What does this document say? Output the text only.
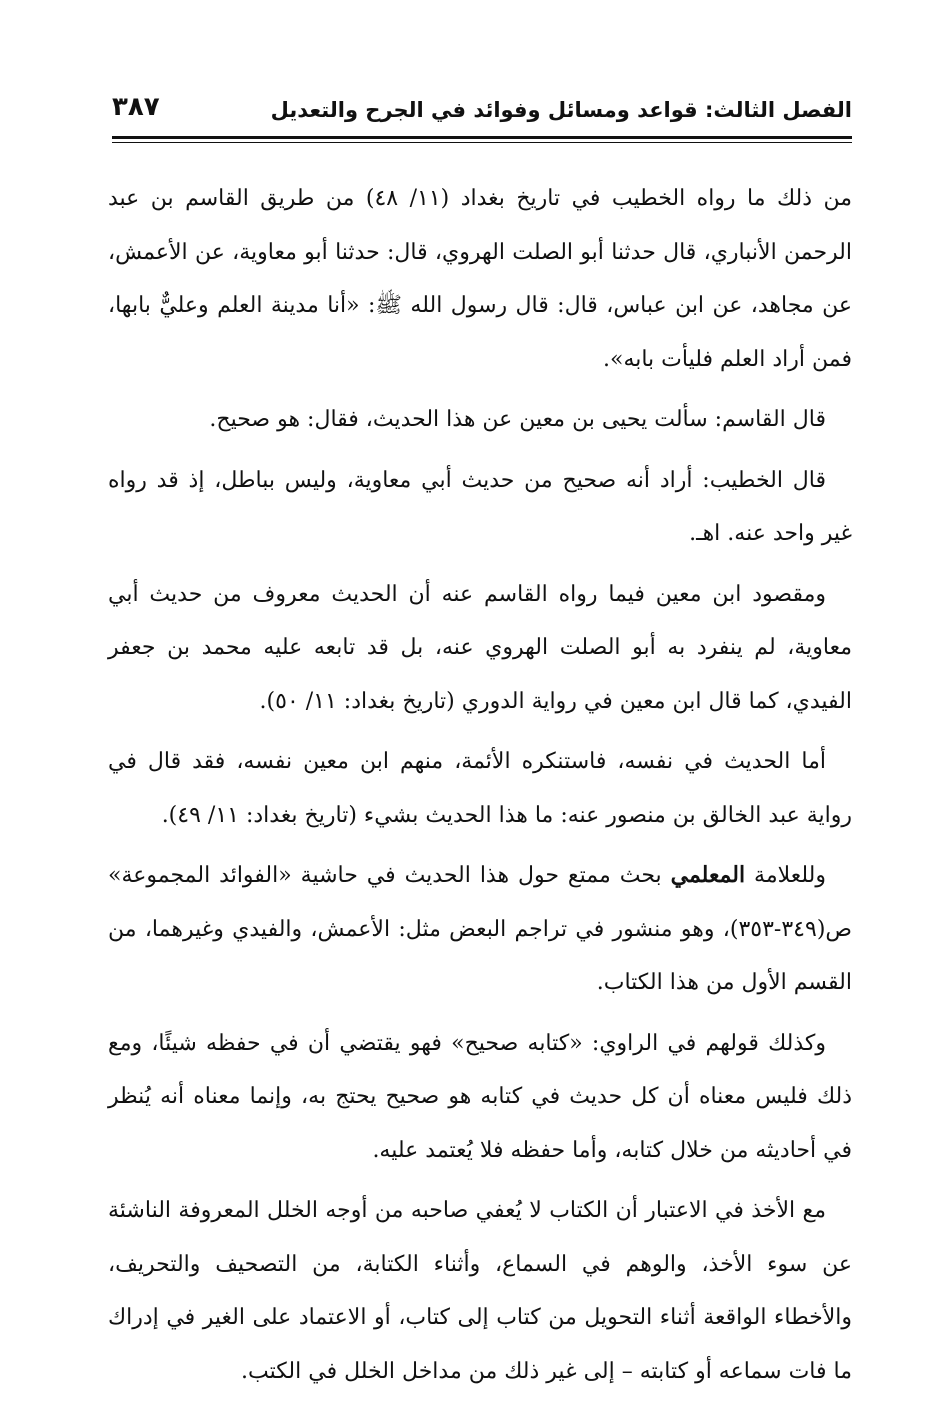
الفصل الثالث: قواعد ومسائل وفوائد في الجرح والتعديل
٣٨٧

من ذلك ما رواه الخطيب في تاريخ بغداد (١١/ ٤٨) من طريق القاسم بن عبد الرحمن الأنباري، قال حدثنا أبو الصلت الهروي، قال: حدثنا أبو معاوية، عن الأعمش، عن مجاهد، عن ابن عباس، قال: قال رسول الله ﷺ: «أنا مدينة العلم وعليٌّ بابها، فمن أراد العلم فليأت بابه».

قال القاسم: سألت يحيى بن معين عن هذا الحديث، فقال: هو صحيح.

قال الخطيب: أراد أنه صحيح من حديث أبي معاوية، وليس بباطل، إذ قد رواه غير واحد عنه. اهـ.

ومقصود ابن معين فيما رواه القاسم عنه أن الحديث معروف من حديث أبي معاوية، لم ينفرد به أبو الصلت الهروي عنه، بل قد تابعه عليه محمد بن جعفر الفيدي، كما قال ابن معين في رواية الدوري (تاريخ بغداد: ١١/ ٥٠).

أما الحديث في نفسه، فاستنكره الأئمة، منهم ابن معين نفسه، فقد قال في رواية عبد الخالق بن منصور عنه: ما هذا الحديث بشيء (تاريخ بغداد: ١١/ ٤٩).

وللعلامة المعلمي بحث ممتع حول هذا الحديث في حاشية «الفوائد المجموعة» ص(٣٤٩-٣٥٣)، وهو منشور في تراجم البعض مثل: الأعمش، والفيدي وغيرهما، من القسم الأول من هذا الكتاب.

وكذلك قولهم في الراوي: «كتابه صحيح» فهو يقتضي أن في حفظه شيئًا، ومع ذلك فليس معناه أن كل حديث في كتابه هو صحيح يحتج به، وإنما معناه أنه يُنظر في أحاديثه من خلال كتابه، وأما حفظه فلا يُعتمد عليه.

مع الأخذ في الاعتبار أن الكتاب لا يُعفي صاحبه من أوجه الخلل المعروفة الناشئة عن سوء الأخذ، والوهم في السماع، وأثناء الكتابة، من التصحيف والتحريف، والأخطاء الواقعة أثناء التحويل من كتاب إلى كتاب، أو الاعتماد على الغير في إدراك ما فات سماعه أو كتابته – إلى غير ذلك من مداخل الخلل في الكتب.
